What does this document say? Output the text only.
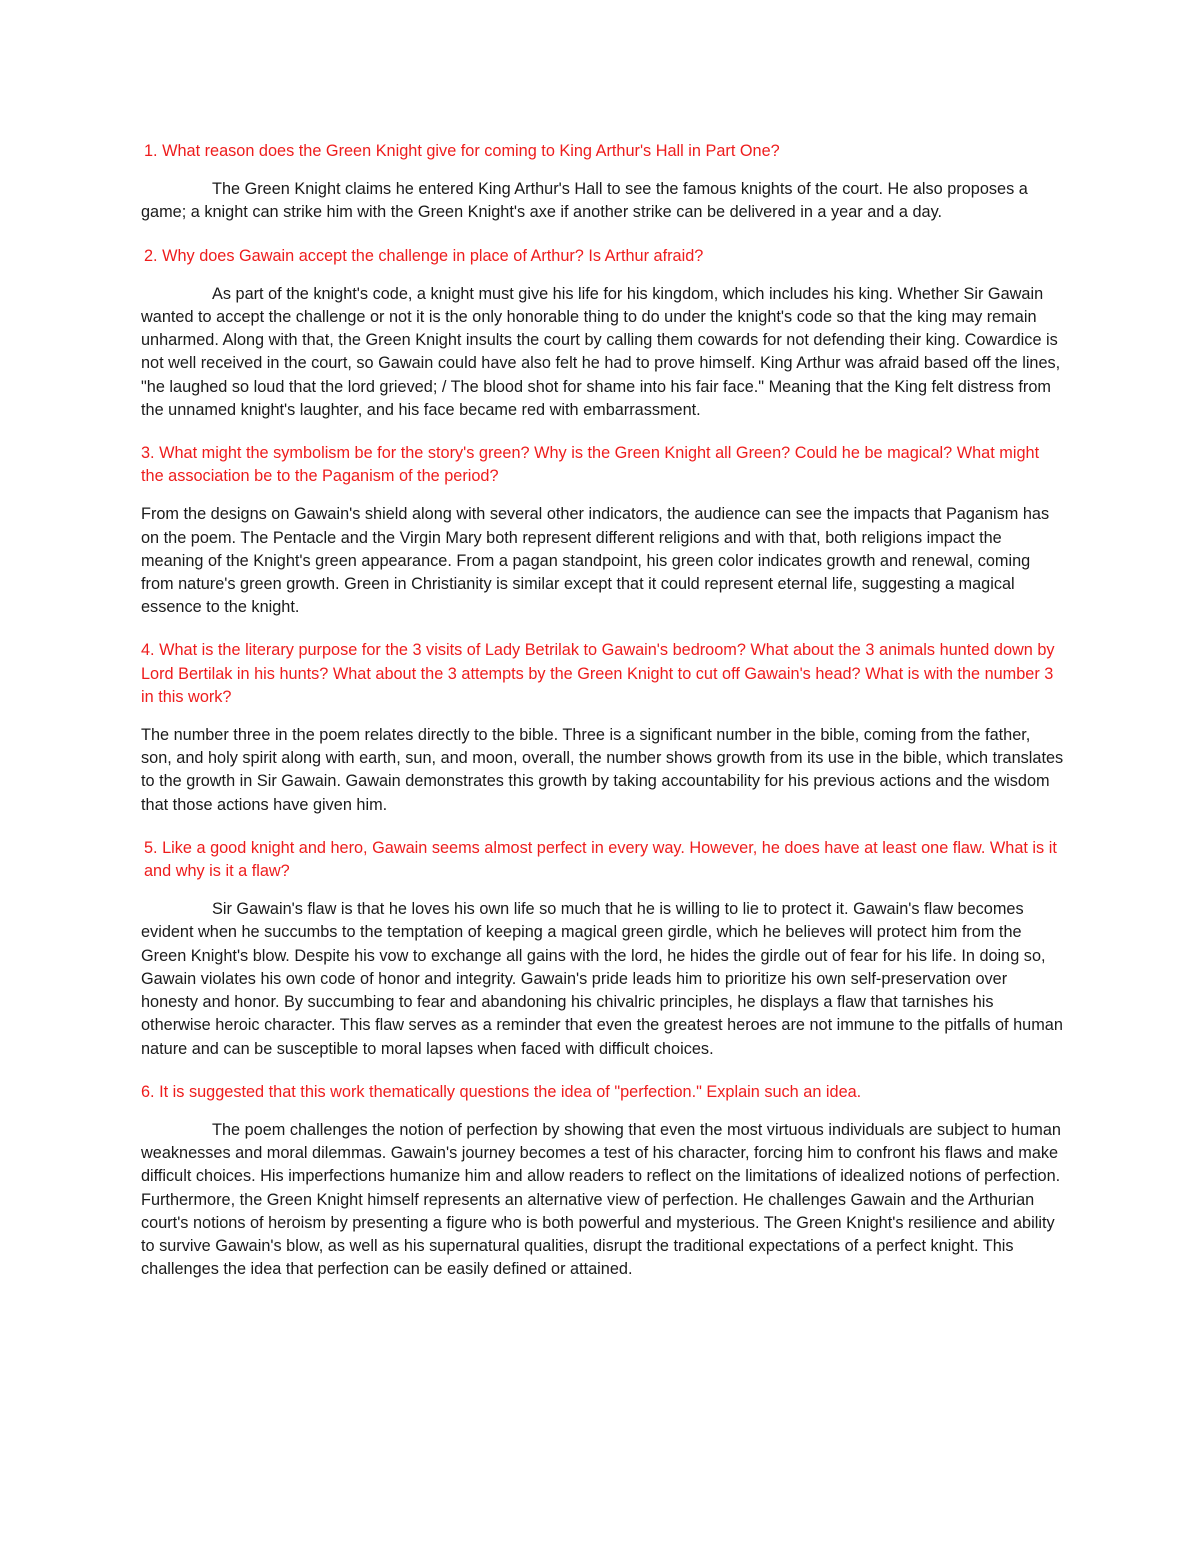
1. What reason does the Green Knight give for coming to King Arthur's Hall in Part One?

The Green Knight claims he entered King Arthur's Hall to see the famous knights of the court. He also proposes a game; a knight can strike him with the Green Knight's axe if another strike can be delivered in a year and a day.

2. Why does Gawain accept the challenge in place of Arthur? Is Arthur afraid?

As part of the knight's code, a knight must give his life for his kingdom, which includes his king. Whether Sir Gawain wanted to accept the challenge or not it is the only honorable thing to do under the knight's code so that the king may remain unharmed. Along with that, the Green Knight insults the court by calling them cowards for not defending their king. Cowardice is not well received in the court, so Gawain could have also felt he had to prove himself. King Arthur was afraid based off the lines, "he laughed so loud that the lord grieved; / The blood shot for shame into his fair face." Meaning that the King felt distress from the unnamed knight's laughter, and his face became red with embarrassment.

3. What might the symbolism be for the story's green? Why is the Green Knight all Green? Could he be magical? What might the association be to the Paganism of the period?

From the designs on Gawain's shield along with several other indicators, the audience can see the impacts that Paganism has on the poem. The Pentacle and the Virgin Mary both represent different religions and with that, both religions impact the meaning of the Knight's green appearance. From a pagan standpoint, his green color indicates growth and renewal, coming from nature's green growth. Green in Christianity is similar except that it could represent eternal life, suggesting a magical essence to the knight.

4. What is the literary purpose for the 3 visits of Lady Betrilak to Gawain's bedroom? What about the 3 animals hunted down by Lord Bertilak in his hunts? What about the 3 attempts by the Green Knight to cut off Gawain's head? What is with the number 3 in this work?

The number three in the poem relates directly to the bible. Three is a significant number in the bible, coming from the father, son, and holy spirit along with earth, sun, and moon, overall, the number shows growth from its use in the bible, which translates to the growth in Sir Gawain. Gawain demonstrates this growth by taking accountability for his previous actions and the wisdom that those actions have given him.

5. Like a good knight and hero, Gawain seems almost perfect in every way. However, he does have at least one flaw. What is it and why is it a flaw?

Sir Gawain's flaw is that he loves his own life so much that he is willing to lie to protect it. Gawain's flaw becomes evident when he succumbs to the temptation of keeping a magical green girdle, which he believes will protect him from the Green Knight's blow. Despite his vow to exchange all gains with the lord, he hides the girdle out of fear for his life. In doing so, Gawain violates his own code of honor and integrity. Gawain's pride leads him to prioritize his own self-preservation over honesty and honor. By succumbing to fear and abandoning his chivalric principles, he displays a flaw that tarnishes his otherwise heroic character. This flaw serves as a reminder that even the greatest heroes are not immune to the pitfalls of human nature and can be susceptible to moral lapses when faced with difficult choices.

6. It is suggested that this work thematically questions the idea of "perfection." Explain such an idea.

The poem challenges the notion of perfection by showing that even the most virtuous individuals are subject to human weaknesses and moral dilemmas. Gawain's journey becomes a test of his character, forcing him to confront his flaws and make difficult choices. His imperfections humanize him and allow readers to reflect on the limitations of idealized notions of perfection. Furthermore, the Green Knight himself represents an alternative view of perfection. He challenges Gawain and the Arthurian court's notions of heroism by presenting a figure who is both powerful and mysterious. The Green Knight's resilience and ability to survive Gawain's blow, as well as his supernatural qualities, disrupt the traditional expectations of a perfect knight. This challenges the idea that perfection can be easily defined or attained.
